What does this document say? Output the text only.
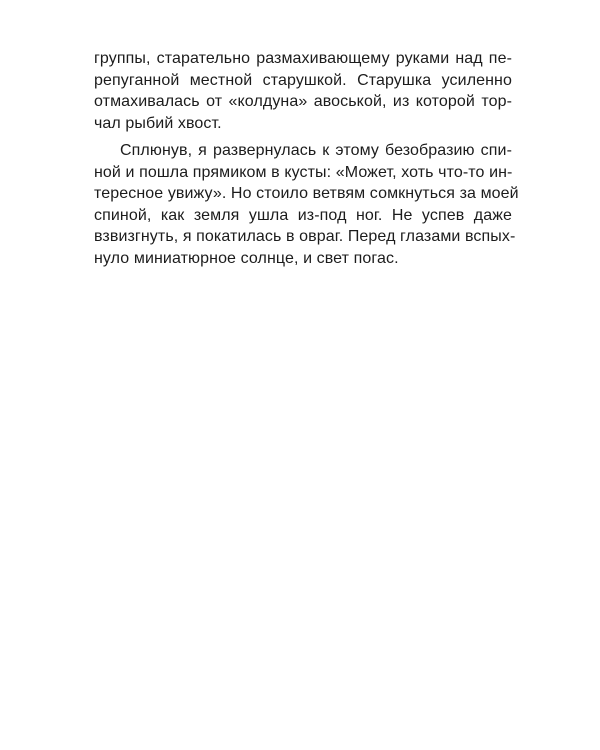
группы, старательно размахивающему руками над пе-
репуганной местной старушкой. Старушка усиленно
отмахивалась от «колдуна» авоськой, из которой тор-
чал рыбий хвост.
Сплюнув, я развернулась к этому безобразию спи-
ной и пошла прямиком в кусты: «Может, хоть что-то ин-
тересное увижу». Но стоило ветвям сомкнуться за моей
спиной, как земля ушла из-под ног. Не успев даже
взвизгнуть, я покатилась в овраг. Перед глазами вспых-
нуло миниатюрное солнце, и свет погас.
